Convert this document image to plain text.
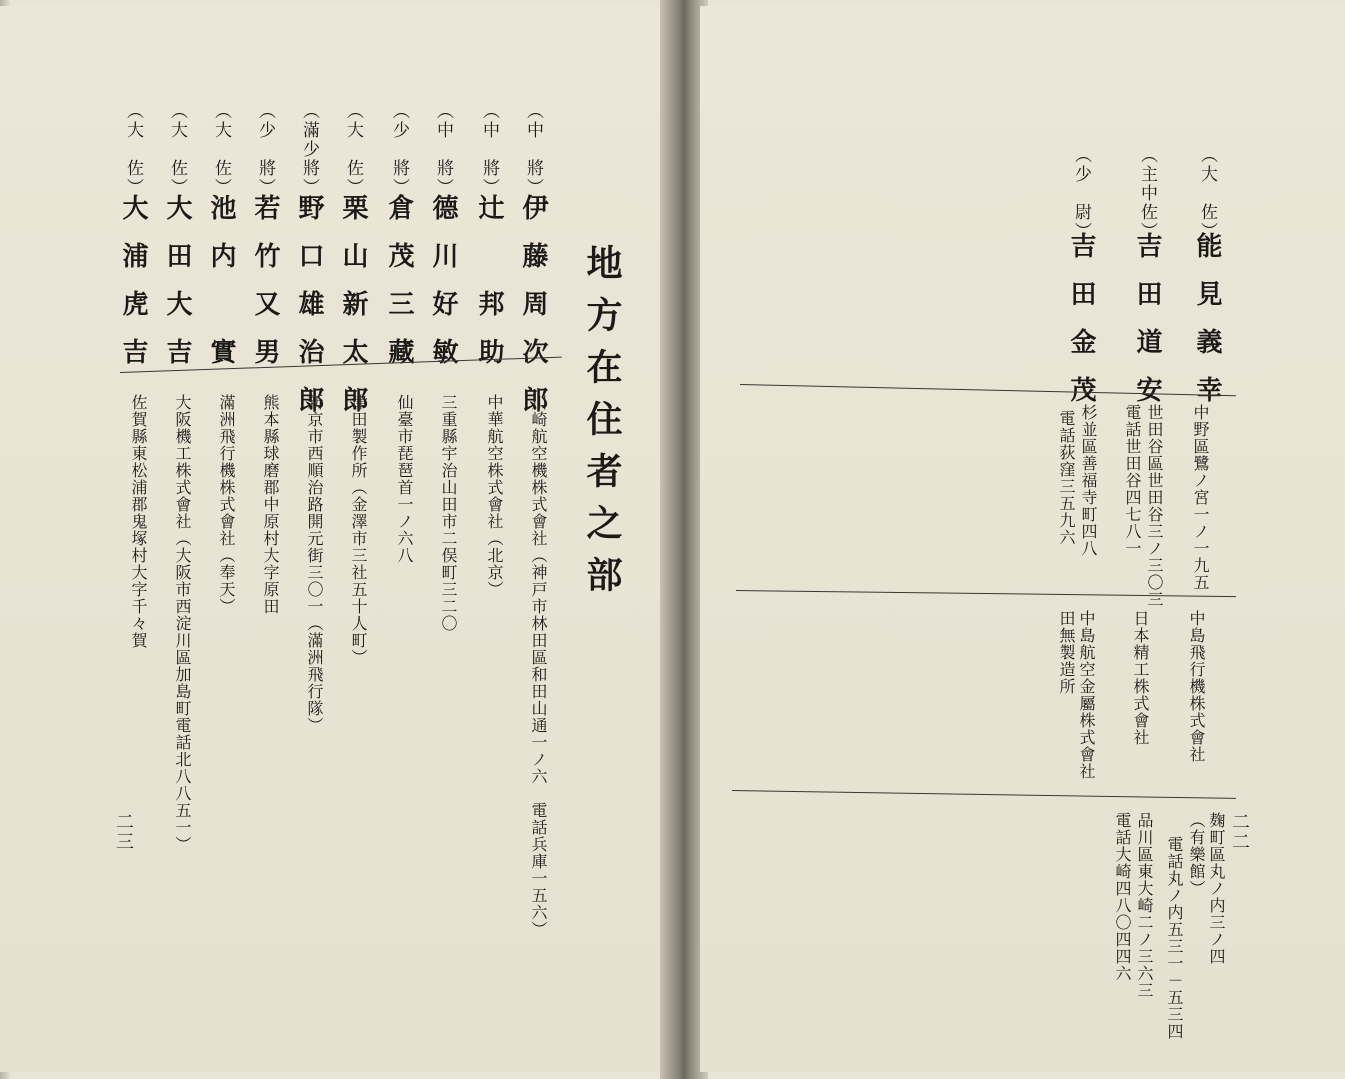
地方在住者之部
（中　將）
伊藤周次郎
川崎航空機株式會社（神戸市林田區和田山通一ノ六　電話兵庫一五六）
（中　將）
辻　邦助
中華航空株式會社（北京）
（中　將）
德川好敏
三重縣宇治山田市二俣町三二〇
（少　將）
倉茂三藏
仙臺市琵琶首一ノ六八
（大　佐）
栗山新太郎
津田製作所（金澤市三社五十人町）
（滿少將）
野口雄治郎
新京市西順治路開元街三〇一（滿洲飛行隊）
（少　將）
若竹又男
熊本縣球磨郡中原村大字原田
（大　佐）
池内　實
滿洲飛行機株式會社（奉天）
（大　佐）
大田大吉
大阪機工株式會社（大阪市西淀川區加島町電話北八八五一）
（大　佐）
大浦虎吉
佐賀縣東松浦郡鬼塚村大字千々賀
二三
（大　佐）
能見義幸
中野區鷺ノ宮一ノ一九五
中島飛行機株式會社
麹町區丸ノ内三ノ四
（有樂館）
電話丸ノ内五三一－五三四
（主中佐）
吉田道安
世田谷區世田谷三ノ三〇三
電話世田谷四七八一
日本精工株式會社
（少　尉）
吉田金茂
杉並區善福寺町四八
電話荻窪三五九六
中島航空金屬株式會社
田無製造所
品川區東大崎二ノ三六三
電話大崎四八〇四四六	二二
